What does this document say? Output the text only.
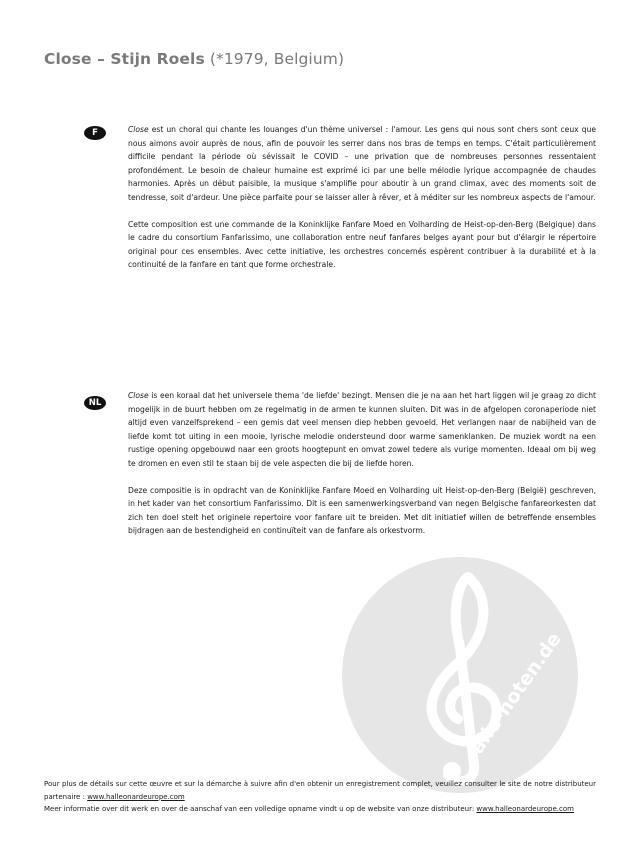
Close – Stijn Roels (*1979, Belgium)
F	Close est un choral qui chante les louanges d'un thème universel : l'amour. Les gens qui nous sont chers sont ceux que nous aimons avoir auprès de nous, afin de pouvoir les serrer dans nos bras de temps en temps. C'était particulièrement difficile pendant la période où sévissait le COVID – une privation que de nombreuses personnes ressentaient profondément. Le besoin de chaleur humaine est exprimé ici par une belle mélodie lyrique accompagnée de chaudes harmonies. Après un début paisible, la musique s'amplifie pour aboutir à un grand climax, avec des moments soit de tendresse, soit d'ardeur. Une pièce parfaite pour se laisser aller à rêver, et à méditer sur les nombreux aspects de l'amour.

Cette composition est une commande de la Koninklijke Fanfare Moed en Volharding de Heist-op-den-Berg (Belgique) dans le cadre du consortium Fanfarissimo, une collaboration entre neuf fanfares belges ayant pour but d'élargir le répertoire original pour ces ensembles. Avec cette initiative, les orchestres concernés espèrent contribuer à la durabilité et à la continuité de la fanfare en tant que forme orchestrale.

NL

Close is een koraal dat het universele thema 'de liefde' bezingt. Mensen die je na aan het hart liggen wil je graag zo dicht mogelijk in de buurt hebben om ze regelmatig in de armen te kunnen sluiten. Dit was in de afgelopen coronaperiode niet altijd even vanzelfsprekend – een gemis dat veel mensen diep hebben gevoeld. Het verlangen naar de nabijheid van de liefde komt tot uiting in een mooie, lyrische melodie ondersteund door warme samenklanken. De muziek wordt na een rustige opening opgebouwd naar een groots hoogtepunt en omvat zowel tedere als vurige momenten. Ideaal om bij weg te dromen en even stil te staan bij de vele aspecten die bij de liefde horen.

Deze compositie is in opdracht van de Koninklijke Fanfare Moed en Volharding uit Heist-op-den-Berg (België) geschreven, in het kader van het consortium Fanfarissimo. Dit is een samenwerkingsverband van negen Belgische fanfareorkesten dat zich ten doel stelt het originele repertoire voor fanfare uit te breiden. Met dit initiatief willen de betreffende ensembles bijdragen aan de bestendigheid en continuïteit van de fanfare als orkestvorm.

alle-noten.de

Pour plus de détails sur cette œuvre et sur la démarche à suivre afin d'en obtenir un enregistrement complet, veuillez consulter le site de notre distributeur partenaire : www.halleonardeurope.com

Meer informatie over dit werk en over de aanschaf van een volledige opname vindt u op de website van onze distributeur: www.halleonardeurope.com
